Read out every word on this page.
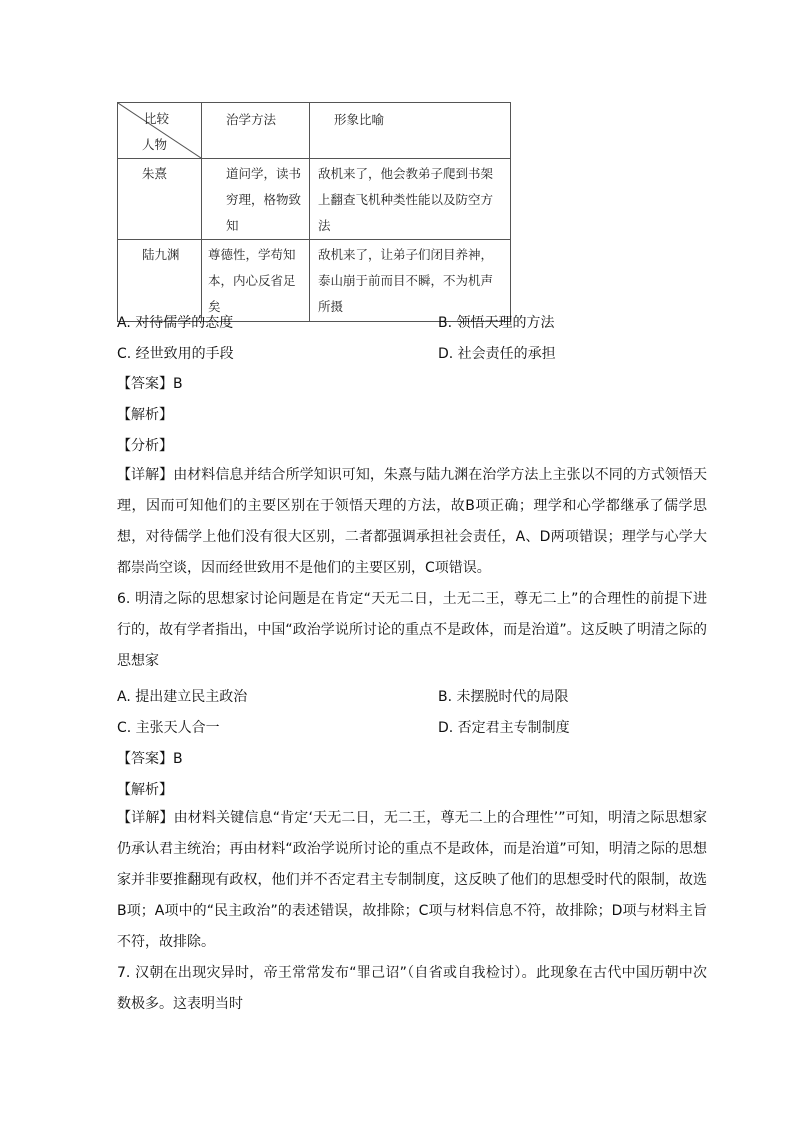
比较
人物	治学方法	形象比喻

朱熹	道问学，读书穷理，格物致知	敌机来了，他会教弟子爬到书架上翻查飞机种类性能以及防空方法

陆九渊	尊德性，学苟知本，内心反省足矣	敌机来了，让弟子们闭目养神，泰山崩于前而目不瞬，不为机声所摄
A. 对待儒学的态度	B. 领悟天理的方法
C. 经世致用的手段	D. 社会责任的承担
【答案】B
【解析】
【分析】
【详解】由材料信息并结合所学知识可知，朱熹与陆九渊在治学方法上主张以不同的方式领悟天理，因而可知他们的主要区别在于领悟天理的方法，故B项正确；理学和心学都继承了儒学思想，对待儒学上他们没有很大区别，二者都强调承担社会责任，A、D两项错误；理学与心学大都崇尚空谈，因而经世致用不是他们的主要区别，C项错误。
6. 明清之际的思想家讨论问题是在肯定“天无二日，土无二王，尊无二上”的合理性的前提下进行的，故有学者指出，中国“政治学说所讨论的重点不是政体，而是治道”。这反映了明清之际的思想家
A. 提出建立民主政治	B. 未摆脱时代的局限
C. 主张天人合一	D. 否定君主专制制度
【答案】B
【解析】
【详解】由材料关键信息“肯定‘天无二日，无二王，尊无二上的合理性’”可知，明清之际思想家仍承认君主统治；再由材料“政治学说所讨论的重点不是政体，而是治道”可知，明清之际的思想家并非要推翻现有政权，他们并不否定君主专制制度，这反映了他们的思想受时代的限制，故选B项；A项中的“民主政治”的表述错误，故排除；C项与材料信息不符，故排除；D项与材料主旨不符，故排除。
7. 汉朝在出现灾异时，帝王常常发布“罪己诏”（自省或自我检讨）。此现象在古代中国历朝中次数极多。这表明当时
